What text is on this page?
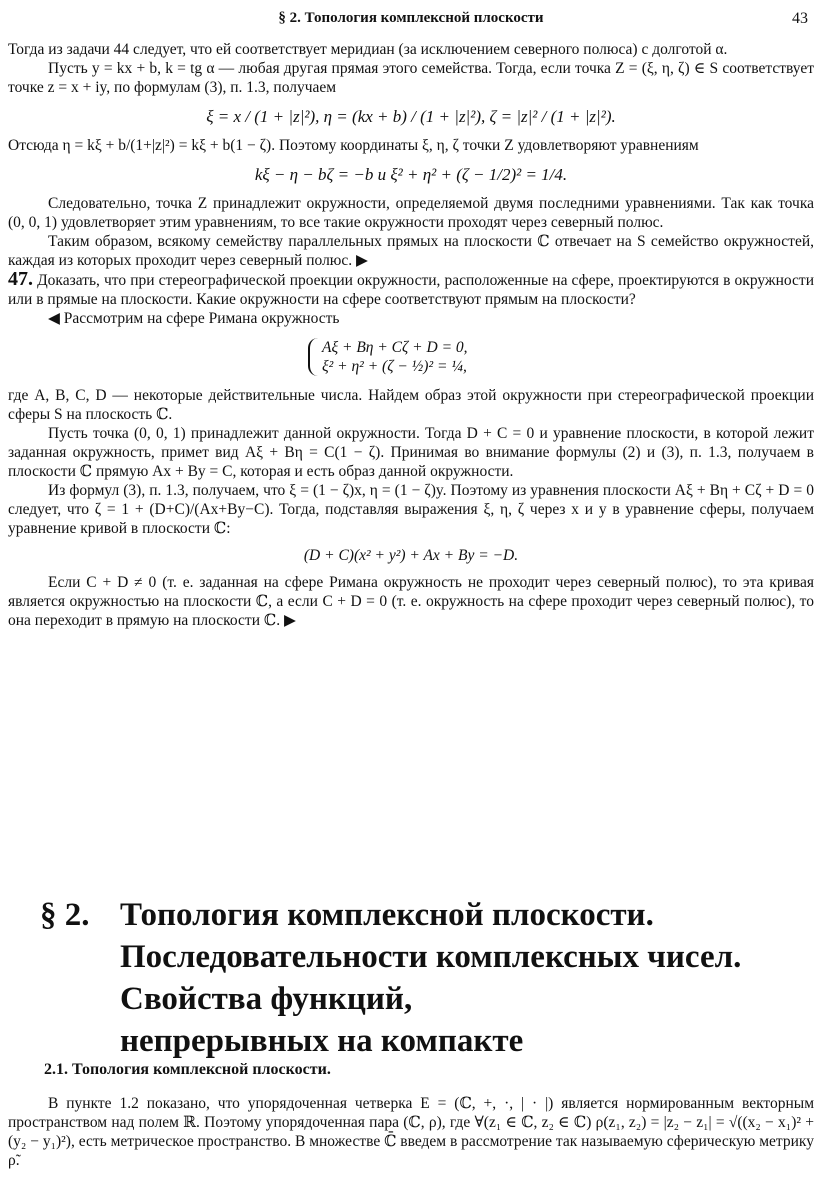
§ 2. Топология комплексной плоскости	43

Тогда из задачи 44 следует, что ей соответствует меридиан (за исключением северного полюса) с долготой α.

Пусть y = kx + b, k = tg α — любая другая прямая этого семейства. Тогда, если точка Z = (ξ, η, ζ) ∈ S соответствует точке z = x + iy, по формулам (3), п. 1.3, получаем

ξ = x / (1 + |z|²), η = (kx + b) / (1 + |z|²), ζ = |z|² / (1 + |z|²).

Отсюда η = kξ + b/(1+|z|²) = kξ + b(1 − ζ). Поэтому координаты ξ, η, ζ точки Z удовлетворяют уравнениям

kξ − η − bζ = −b и ξ² + η² + (ζ − 1/2)² = 1/4.

Следовательно, точка Z принадлежит окружности, определяемой двумя последними уравнениями. Так как точка (0, 0, 1) удовлетворяет этим уравнениям, то все такие окружности проходят через северный полюс.

Таким образом, всякому семейству параллельных прямых на плоскости ℂ отвечает на S семейство окружностей, каждая из которых проходит через северный полюс. ▶

47. Доказать, что при стереографической проекции окружности, расположенные на сфере, проектируются в окружности или в прямые на плоскости. Какие окружности на сфере соответствуют прямым на плоскости?

◀ Рассмотрим на сфере Римана окружность

Aξ + Bη + Cζ + D = 0,
ξ² + η² + (ζ − ½)² = ¼,

где A, B, C, D — некоторые действительные числа. Найдем образ этой окружности при стереографической проекции сферы S на плоскость ℂ.

Пусть точка (0, 0, 1) принадлежит данной окружности. Тогда D + C = 0 и уравнение плоскости, в которой лежит заданная окружность, примет вид Aξ + Bη = C(1 − ζ). Принимая во внимание формулы (2) и (3), п. 1.3, получаем в плоскости ℂ прямую Ax + By = C, которая и есть образ данной окружности.

Из формул (3), п. 1.3, получаем, что ξ = (1 − ζ)x, η = (1 − ζ)y. Поэтому из уравнения плоскости Aξ + Bη + Cζ + D = 0 следует, что ζ = 1 + (D+C)/(Ax+By−C). Тогда, подставляя выражения ξ, η, ζ через x и y в уравнение сферы, получаем уравнение кривой в плоскости ℂ:

(D + C)(x² + y²) + Ax + By = −D.

Если C + D ≠ 0 (т. е. заданная на сфере Римана окружность не проходит через северный полюс), то эта кривая является окружностью на плоскости ℂ, а если C + D = 0 (т. е. окружность на сфере проходит через северный полюс), то она переходит в прямую на плоскости ℂ. ▶

§ 2. Топология комплексной плоскости.
Последовательности комплексных чисел.
Свойства функций,
непрерывных на компакте
2.1. Топология комплексной плоскости.

В пункте 1.2 показано, что упорядоченная четверка E = (ℂ, +, ·, | · |) является нормированным векторным пространством над полем ℝ. Поэтому упорядоченная пара (ℂ, ρ), где ∀(z₁ ∈ ℂ, z₂ ∈ ℂ) ρ(z₁, z₂) = |z₂ − z₁| = √((x₂ − x₁)² + (y₂ − y₁)²), есть метрическое пространство. В множестве ℂ̄ введем в рассмотрение так называемую сферическую метрику ρ̃.
